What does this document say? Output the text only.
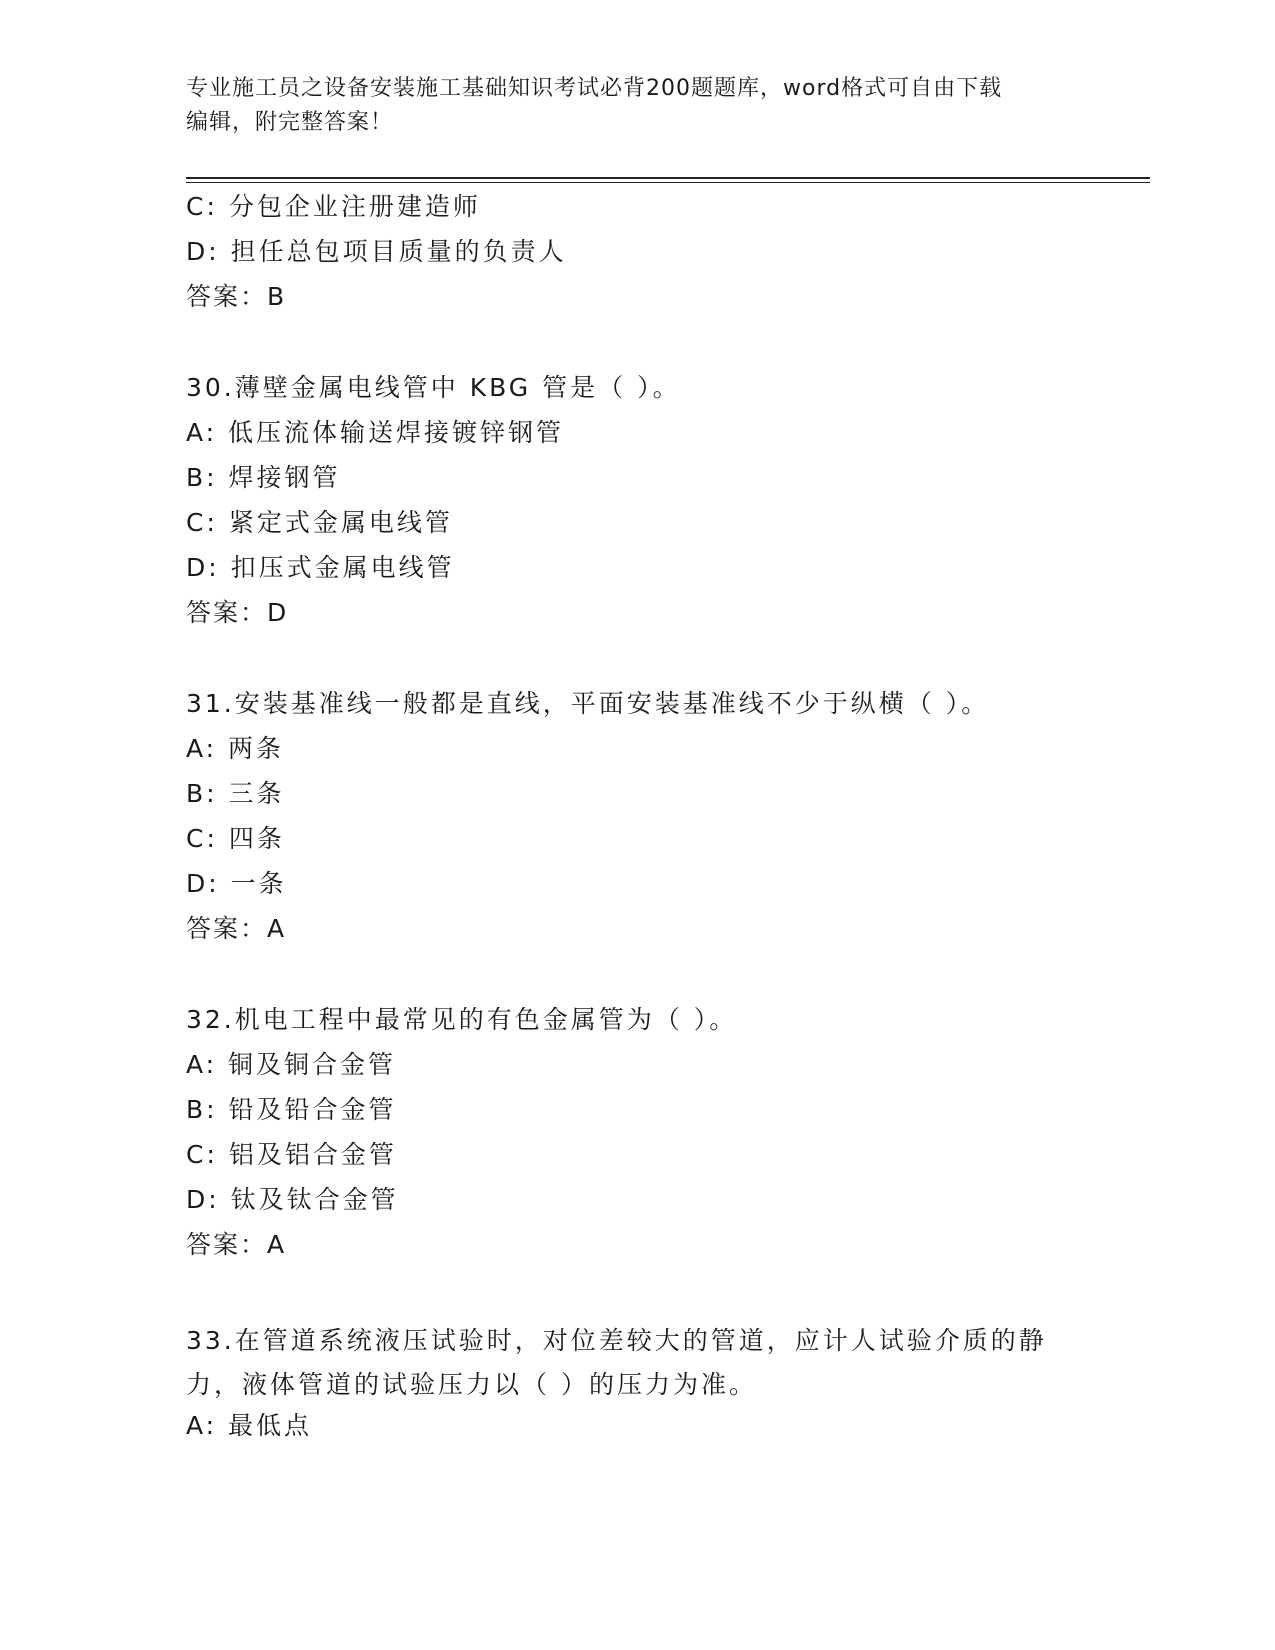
专业施工员之设备安装施工基础知识考试必背200题题库，word格式可自由下载
编辑，附完整答案！
C: 分包企业注册建造师
D: 担任总包项目质量的负责人
答案：B
30.薄壁金属电线管中 KBG 管是（ ）。
A: 低压流体输送焊接镀锌钢管
B: 焊接钢管
C: 紧定式金属电线管
D: 扣压式金属电线管
答案：D
31.安装基准线一般都是直线，平面安装基准线不少于纵横（ ）。
A: 两条
B: 三条
C: 四条
D: 一条
答案：A
32.机电工程中最常见的有色金属管为（ ）。
A: 铜及铜合金管
B: 铅及铅合金管
C: 铝及铝合金管
D: 钛及钛合金管
答案：A
33.在管道系统液压试验时，对位差较大的管道，应计人试验介质的静力，液体管道的试验压力以（ ）的压力为准。
A: 最低点
